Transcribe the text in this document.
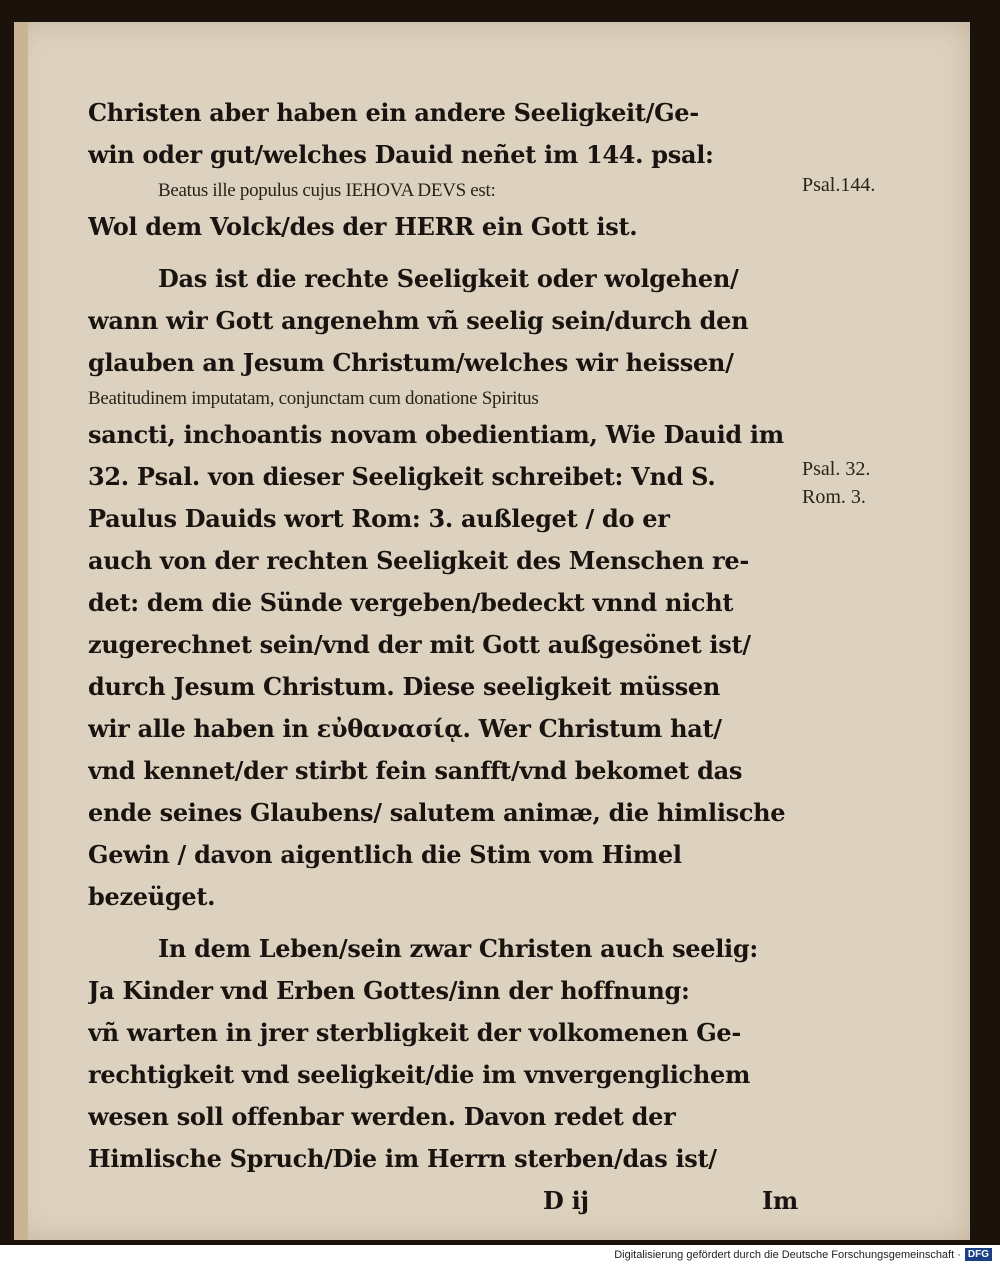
Christen aber haben ein andere Seeligkeit/Ge-
win oder gut/welches Dauid neñet im 144. psal:
Beatus ille populus cujus IEHOVA DEVS est:
Wol dem Volck/des der HERR ein Gott ist.
Das ist die rechte Seeligkeit oder wolgehen/
wann wir Gott angenehm vñ seelig sein/durch den
glauben an Jesum Christum/welches wir heissen/
Beatitudinem imputatam, conjunctam cum donatione Spiritus
sancti, inchoantis novam obedientiam, Wie Dauid im
32. Psal. von dieser Seeligkeit schreibet: Vnd S.
Paulus Dauids wort Rom: 3. außleget / do er
auch von der rechten Seeligkeit des Menschen re-
det: dem die Sünde vergeben/bedeckt vnnd nicht
zugerechnet sein/vnd der mit Gott außgesönet ist/
durch Jesum Christum. Diese seeligkeit müssen
wir alle haben in εὐθανασίᾳ. Wer Christum hat/
vnd kennet/der stirbt fein sanfft/vnd bekomet das
ende seines Glaubens/ salutem animæ, die himlische
Gewin / davon aigentlich die Stim vom Himel
bezeüget.
In dem Leben/sein zwar Christen auch seelig:
Ja Kinder vnd Erben Gottes/inn der hoffnung:
vñ warten in jrer sterbligkeit der volkomenen Ge-
rechtigkeit vnd seeligkeit/die im vnvergenglichem
wesen soll offenbar werden. Davon redet der
Himlische Spruch/Die im Herrn sterben/das ist/
D ij	Im
Psal.144.
Psal. 32.
Rom. 3.
Digitalisierung gefördert durch die Deutsche Forschungsgemeinschaft · DFG
